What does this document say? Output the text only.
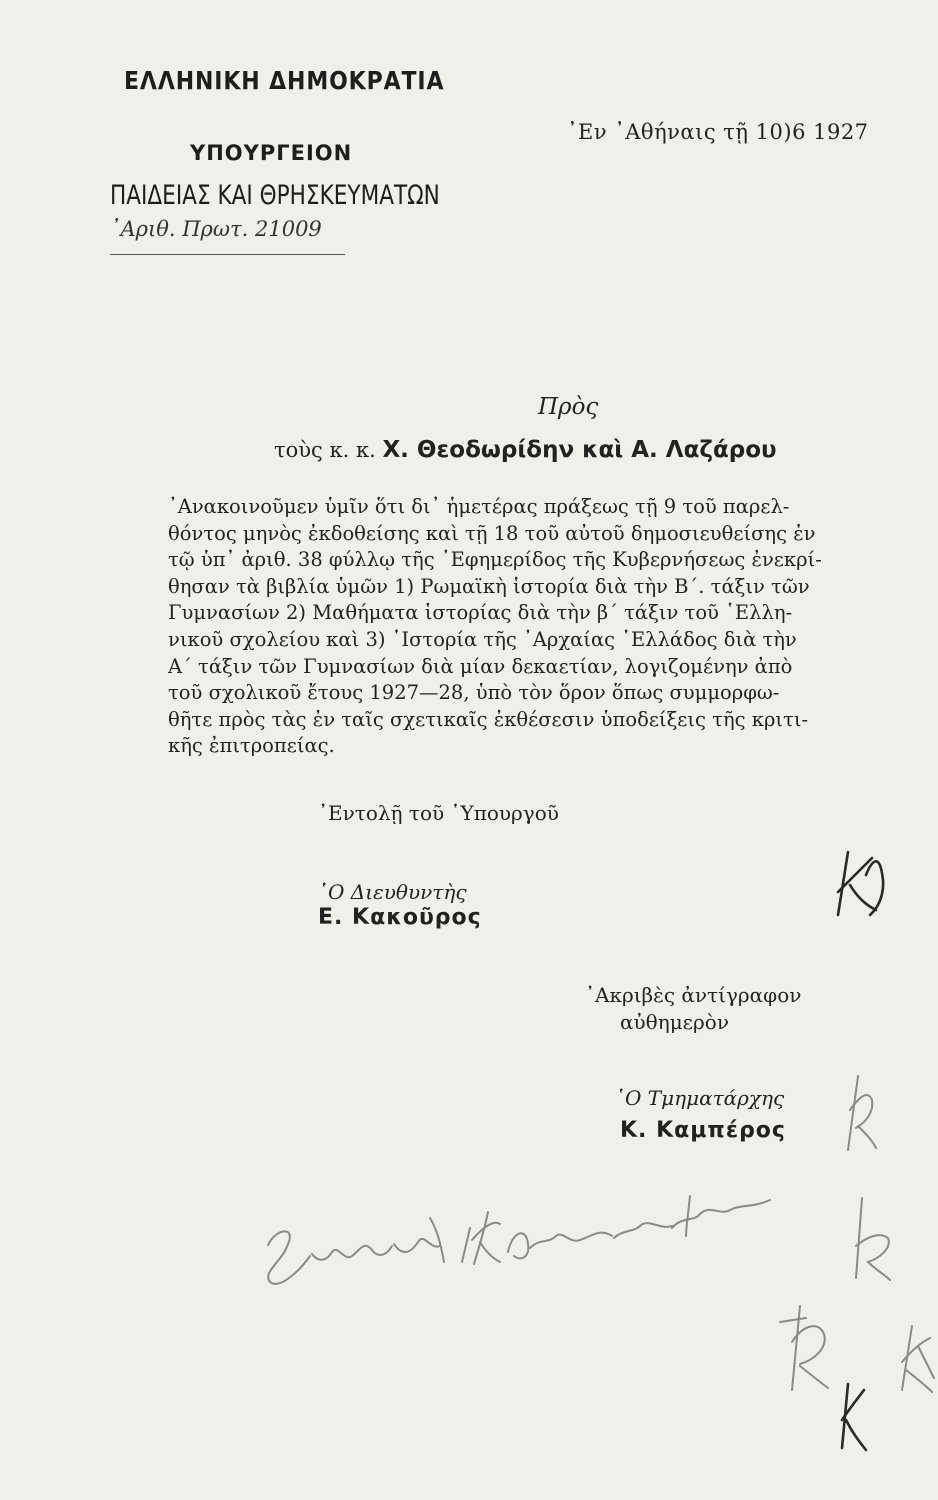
ΕΛΛΗΝΙΚΗ ΔΗΜΟΚΡΑΤΙΑ
ΥΠΟΥΡΓΕΙΟΝ
ΠΑΙΔΕΙΑΣ ΚΑΙ ΘΡΗΣΚΕΥΜΑΤΩΝ
᾽Αριθ. Πρωτ. 21009
᾽Εν ᾽Αθήναις τῇ 10)6 1927
Πρὸς
τοὺς κ. κ. Χ. Θεοδωρίδην καὶ Α. Λαζάρου
᾽Ανακοινοῦμεν ὑμῖν ὅτι δι᾽ ἡμετέρας πράξεως τῇ 9 τοῦ παρελ-
θόντος μηνὸς ἐκδοθείσης καὶ τῇ 18 τοῦ αὐτοῦ δημοσιευθείσης ἐν
τῷ ὑπ᾽ ἀριθ. 38 φύλλῳ τῆς ᾽Εφημερίδος τῆς Κυβερνήσεως ἐνεκρί-
θησαν τὰ βιβλία ὑμῶν 1) Ρωμαϊκὴ ἱστορία διὰ τὴν Β΄. τάξιν τῶν
Γυμνασίων 2) Μαθήματα ἱστορίας διὰ τὴν β΄ τάξιν τοῦ ῾Ελλη-
νικοῦ σχολείου καὶ 3) ῾Ιστορία τῆς ᾽Αρχαίας ῾Ελλάδος διὰ τὴν
Α΄ τάξιν τῶν Γυμνασίων διὰ μίαν δεκαετίαν, λογιζομένην ἀπὸ
τοῦ σχολικοῦ ἔτους 1927—28, ὑπὸ τὸν ὅρον ὅπως συμμορφω-
θῆτε πρὸς τὰς ἐν ταῖς σχετικαῖς ἐκθέσεσιν ὑποδείξεις τῆς κριτι-
κῆς ἐπιτροπείας.
᾽Εντολῇ τοῦ ῾Υπουργοῦ
῾Ο Διευθυντὴς
Ε. Κακοῦρος
᾽Ακριβὲς ἀντίγραφον
αὐθημερὸν
῾Ο Τμηματάρχης
Κ. Καμπέρος
